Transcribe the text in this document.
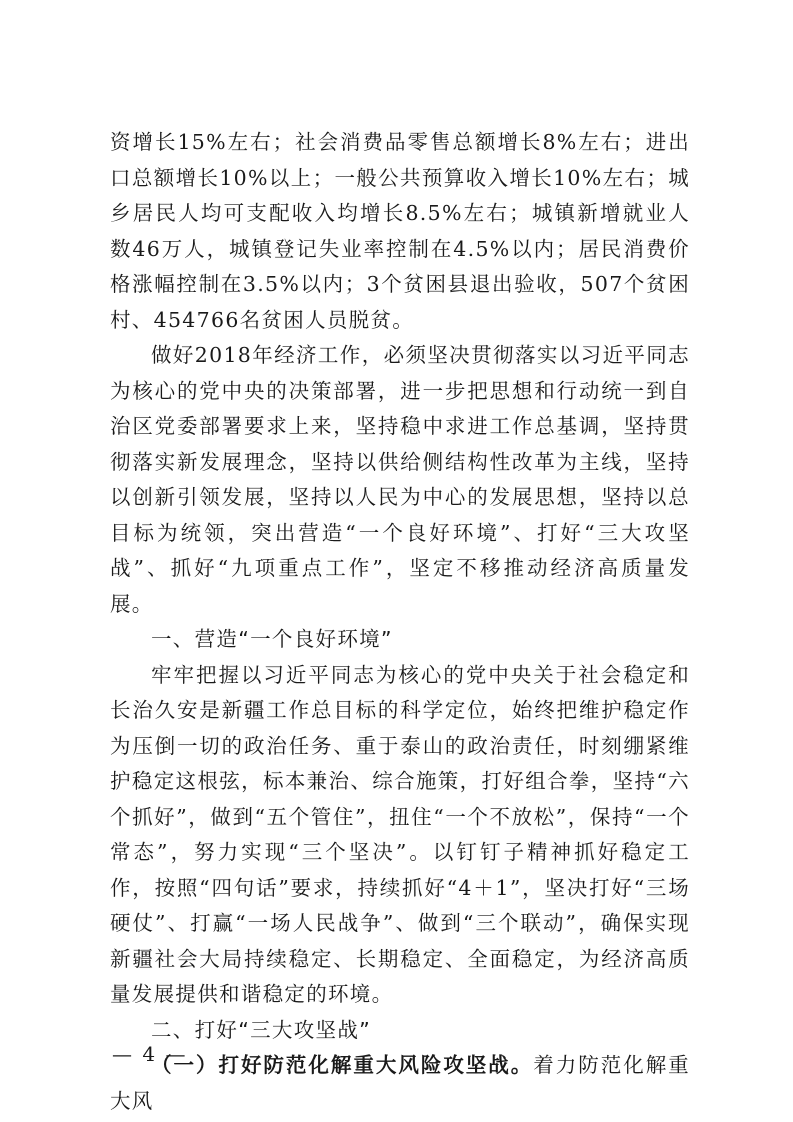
资增长15%左右；社会消费品零售总额增长8%左右；进出口总额增长10%以上；一般公共预算收入增长10%左右；城乡居民人均可支配收入均增长8.5%左右；城镇新增就业人数46万人，城镇登记失业率控制在4.5%以内；居民消费价格涨幅控制在3.5%以内；3个贫困县退出验收，507个贫困村、454766名贫困人员脱贫。

做好2018年经济工作，必须坚决贯彻落实以习近平同志为核心的党中央的决策部署，进一步把思想和行动统一到自治区党委部署要求上来，坚持稳中求进工作总基调，坚持贯彻落实新发展理念，坚持以供给侧结构性改革为主线，坚持以创新引领发展，坚持以人民为中心的发展思想，坚持以总目标为统领，突出营造“一个良好环境”、打好“三大攻坚战”、抓好“九项重点工作”，坚定不移推动经济高质量发展。

一、营造“一个良好环境”

牢牢把握以习近平同志为核心的党中央关于社会稳定和长治久安是新疆工作总目标的科学定位，始终把维护稳定作为压倒一切的政治任务、重于泰山的政治责任，时刻绷紧维护稳定这根弦，标本兼治、综合施策，打好组合拳，坚持“六个抓好”，做到“五个管住”，扭住“一个不放松”，保持“一个常态”，努力实现“三个坚决”。以钉钉子精神抓好稳定工作，按照“四句话”要求，持续抓好“4＋1”，坚决打好“三场硬仗”、打赢“一场人民战争”、做到“三个联动”，确保实现新疆社会大局持续稳定、长期稳定、全面稳定，为经济高质量发展提供和谐稳定的环境。

二、打好“三大攻坚战”

（一）打好防范化解重大风险攻坚战。着力防范化解重大风

— 4 —
